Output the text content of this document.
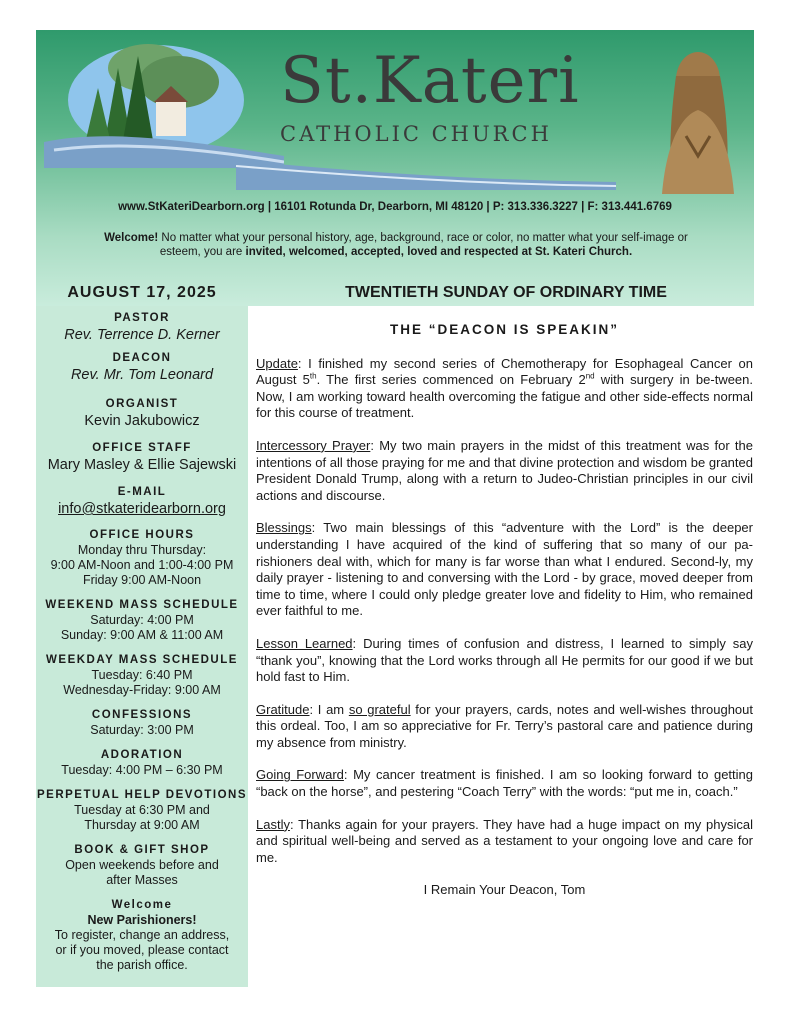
St.Kateri
CATHOLIC CHURCH
www.StKateriDearborn.org | 16101 Rotunda Dr, Dearborn, MI 48120 | P: 313.336.3227 | F: 313.441.6769
Welcome! No matter what your personal history, age, background, race or color, no matter what your self-image or esteem, you are invited, welcomed, accepted, loved and respected at St. Kateri Church.
AUGUST 17, 2025	TWENTIETH SUNDAY OF ORDINARY TIME
PASTOR
Rev. Terrence D. Kerner
DEACON
Rev. Mr. Tom Leonard
ORGANIST
Kevin Jakubowicz
OFFICE STAFF
Mary Masley & Ellie Sajewski
E-MAIL
info@stkateridearborn.org
OFFICE HOURS
Monday thru Thursday:
9:00 AM-Noon and 1:00-4:00 PM
Friday 9:00 AM-Noon
WEEKEND MASS SCHEDULE
Saturday: 4:00 PM
Sunday: 9:00 AM & 11:00 AM
WEEKDAY MASS SCHEDULE
Tuesday: 6:40 PM
Wednesday-Friday: 9:00 AM
CONFESSIONS
Saturday: 3:00 PM
ADORATION
Tuesday: 4:00 PM – 6:30 PM
PERPETUAL HELP DEVOTIONS
Tuesday at 6:30 PM and
Thursday at 9:00 AM
BOOK & GIFT SHOP
Open weekends before and
after Masses
Welcome
New Parishioners!
To register, change an address,
or if you moved, please contact
the parish office.
THE “DEACON IS SPEAKIN”

Update: I finished my second series of Chemotherapy for Esophageal Cancer on August 5th. The first series commenced on February 2nd with surgery in be-tween. Now, I am working toward health overcoming the fatigue and other side-effects normal for this course of treatment.

Intercessory Prayer: My two main prayers in the midst of this treatment was for the intentions of all those praying for me and that divine protection and wisdom be granted President Donald Trump, along with a return to Judeo-Christian principles in our civil actions and discourse.

Blessings: Two main blessings of this “adventure with the Lord” is the deeper understanding I have acquired of the kind of suffering that so many of our pa-rishioners deal with, which for many is far worse than what I endured. Second-ly, my daily prayer - listening to and conversing with the Lord - by grace, moved deeper from time to time, where I could only pledge greater love and fidelity to Him, who remained ever faithful to me.

Lesson Learned: During times of confusion and distress, I learned to simply say “thank you”, knowing that the Lord works through all He permits for our good if we but hold fast to Him.

Gratitude: I am so grateful for your prayers, cards, notes and well-wishes throughout this ordeal. Too, I am so appreciative for Fr. Terry’s pastoral care and patience during my absence from ministry.

Going Forward: My cancer treatment is finished. I am so looking forward to getting “back on the horse”, and pestering “Coach Terry” with the words: “put me in, coach.”

Lastly: Thanks again for your prayers. They have had a huge impact on my physical and spiritual well-being and served as a testament to your ongoing love and care for me.

I Remain Your Deacon, Tom
